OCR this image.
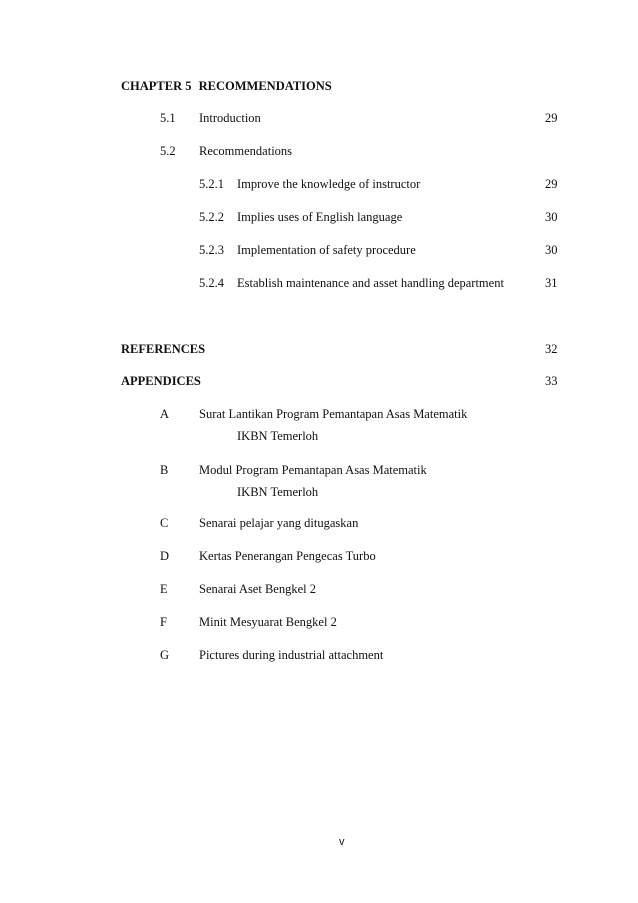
CHAPTER 5 RECOMMENDATIONS
5.1 Introduction	29
5.2 Recommendations
5.2.1 Improve the knowledge of instructor	29
5.2.2 Implies uses of English language	30
5.2.3 Implementation of safety procedure	30
5.2.4 Establish maintenance and asset handling department	31
REFERENCES	32
APPENDICES	33
A Surat Lantikan Program Pemantapan Asas Matematik
IKBN Temerloh
B Modul Program Pemantapan Asas Matematik
IKBN Temerloh
C Senarai pelajar yang ditugaskan
D Kertas Penerangan Pengecas Turbo
E	Senarai Aset Bengkel 2
F	Minit Mesyuarat Bengkel 2
G Pictures during industrial attachment
v
